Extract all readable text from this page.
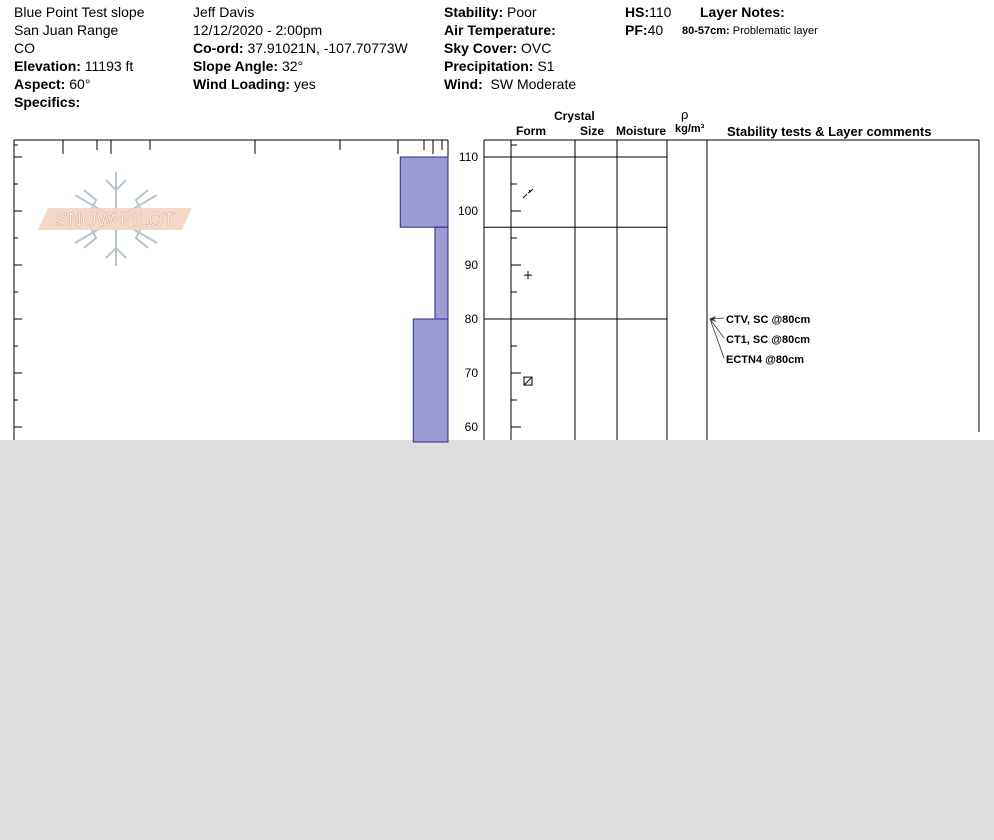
Blue Point Test slope
San Juan Range
CO
Elevation: 11193 ft
Aspect: 60°
Specifics:
Jeff Davis
12/12/2020 - 2:00pm
Co-ord: 37.91021N, -107.70773W
Slope Angle: 32°
Wind Loading: yes
Stability: Poor
Air Temperature:
Sky Cover: OVC
Precipitation: S1
Wind: SW Moderate
HS:110
PF:40
Layer Notes:
80-57cm: Problematic layer
Crystal
Form	Size Moisture
ρ
kg/m³ Stability tests & Layer comments
SNOW PILOT
110
100
90
80
70
60
CTV, SC @80cm
CT1, SC @80cm
ECTN4 @80cm
